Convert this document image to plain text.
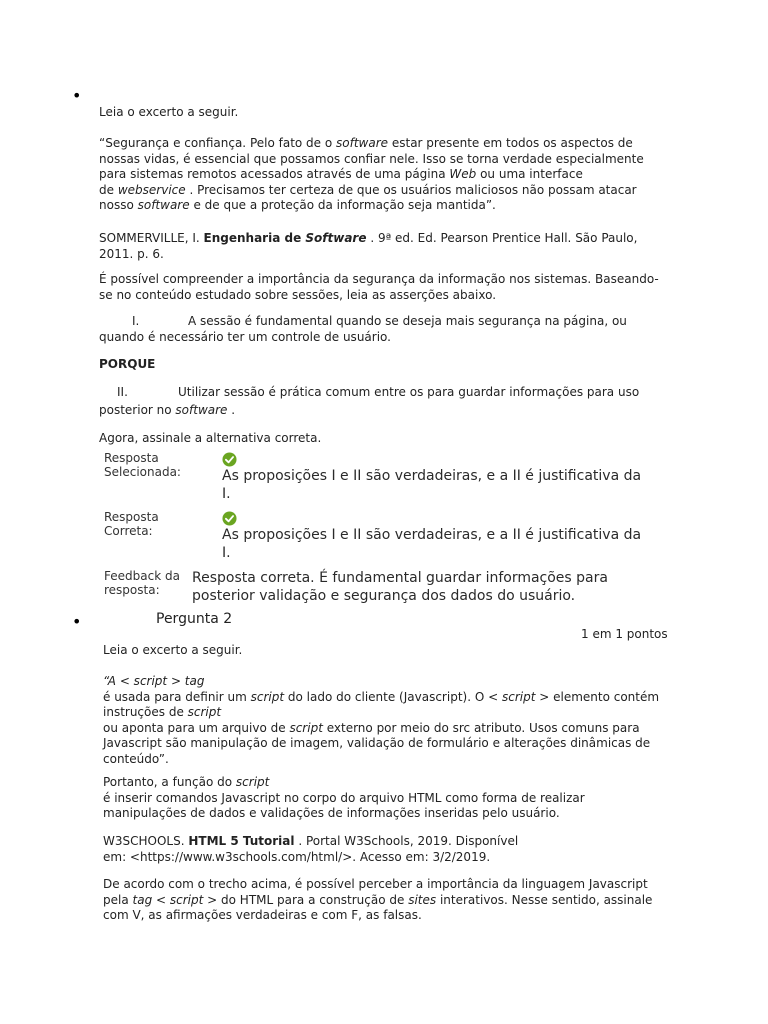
•
Leia o excerto a seguir.
“Segurança e confiança. Pelo fato de o software estar presente em todos os aspectos de
nossas vidas, é essencial que possamos confiar nele. Isso se torna verdade especialmente
para sistemas remotos acessados através de uma página Web ou uma interface
de webservice . Precisamos ter certeza de que os usuários maliciosos não possam atacar
nosso software e de que a proteção da informação seja mantida”.
SOMMERVILLE, I. Engenharia de Software . 9ª ed. Ed. Pearson Prentice Hall. São Paulo,
2011. p. 6.
É possível compreender a importância da segurança da informação nos sistemas. Baseando-
se no conteúdo estudado sobre sessões, leia as asserções abaixo.
I.	A sessão é fundamental quando se deseja mais segurança na página, ou
quando é necessário ter um controle de usuário.
PORQUE
II.	Utilizar sessão é prática comum entre os para guardar informações para uso
posterior no software .
Agora, assinale a alternativa correta.
Resposta
Selecionada:	As proposições I e II são verdadeiras, e a II é justificativa da
I.
Resposta
Correta:	As proposições I e II são verdadeiras, e a II é justificativa da
I.
Feedback da
resposta:
Resposta correta. É fundamental guardar informações para
posterior validação e segurança dos dados do usuário.
•	Pergunta 2
1 em 1 pontos
Leia o excerto a seguir.
“A < script > tag
é usada para definir um script do lado do cliente (Javascript). O < script > elemento contém
instruções de script
ou aponta para um arquivo de script externo por meio do src atributo. Usos comuns para
Javascript são manipulação de imagem, validação de formulário e alterações dinâmicas de
conteúdo”.
Portanto, a função do script
é inserir comandos Javascript no corpo do arquivo HTML como forma de realizar
manipulações de dados e validações de informações inseridas pelo usuário.
W3SCHOOLS. HTML 5 Tutorial . Portal W3Schools, 2019. Disponível
em: <https://www.w3schools.com/html/>. Acesso em: 3/2/2019.
De acordo com o trecho acima, é possível perceber a importância da linguagem Javascript
pela tag < script > do HTML para a construção de sites interativos. Nesse sentido, assinale
com V, as afirmações verdadeiras e com F, as falsas.
